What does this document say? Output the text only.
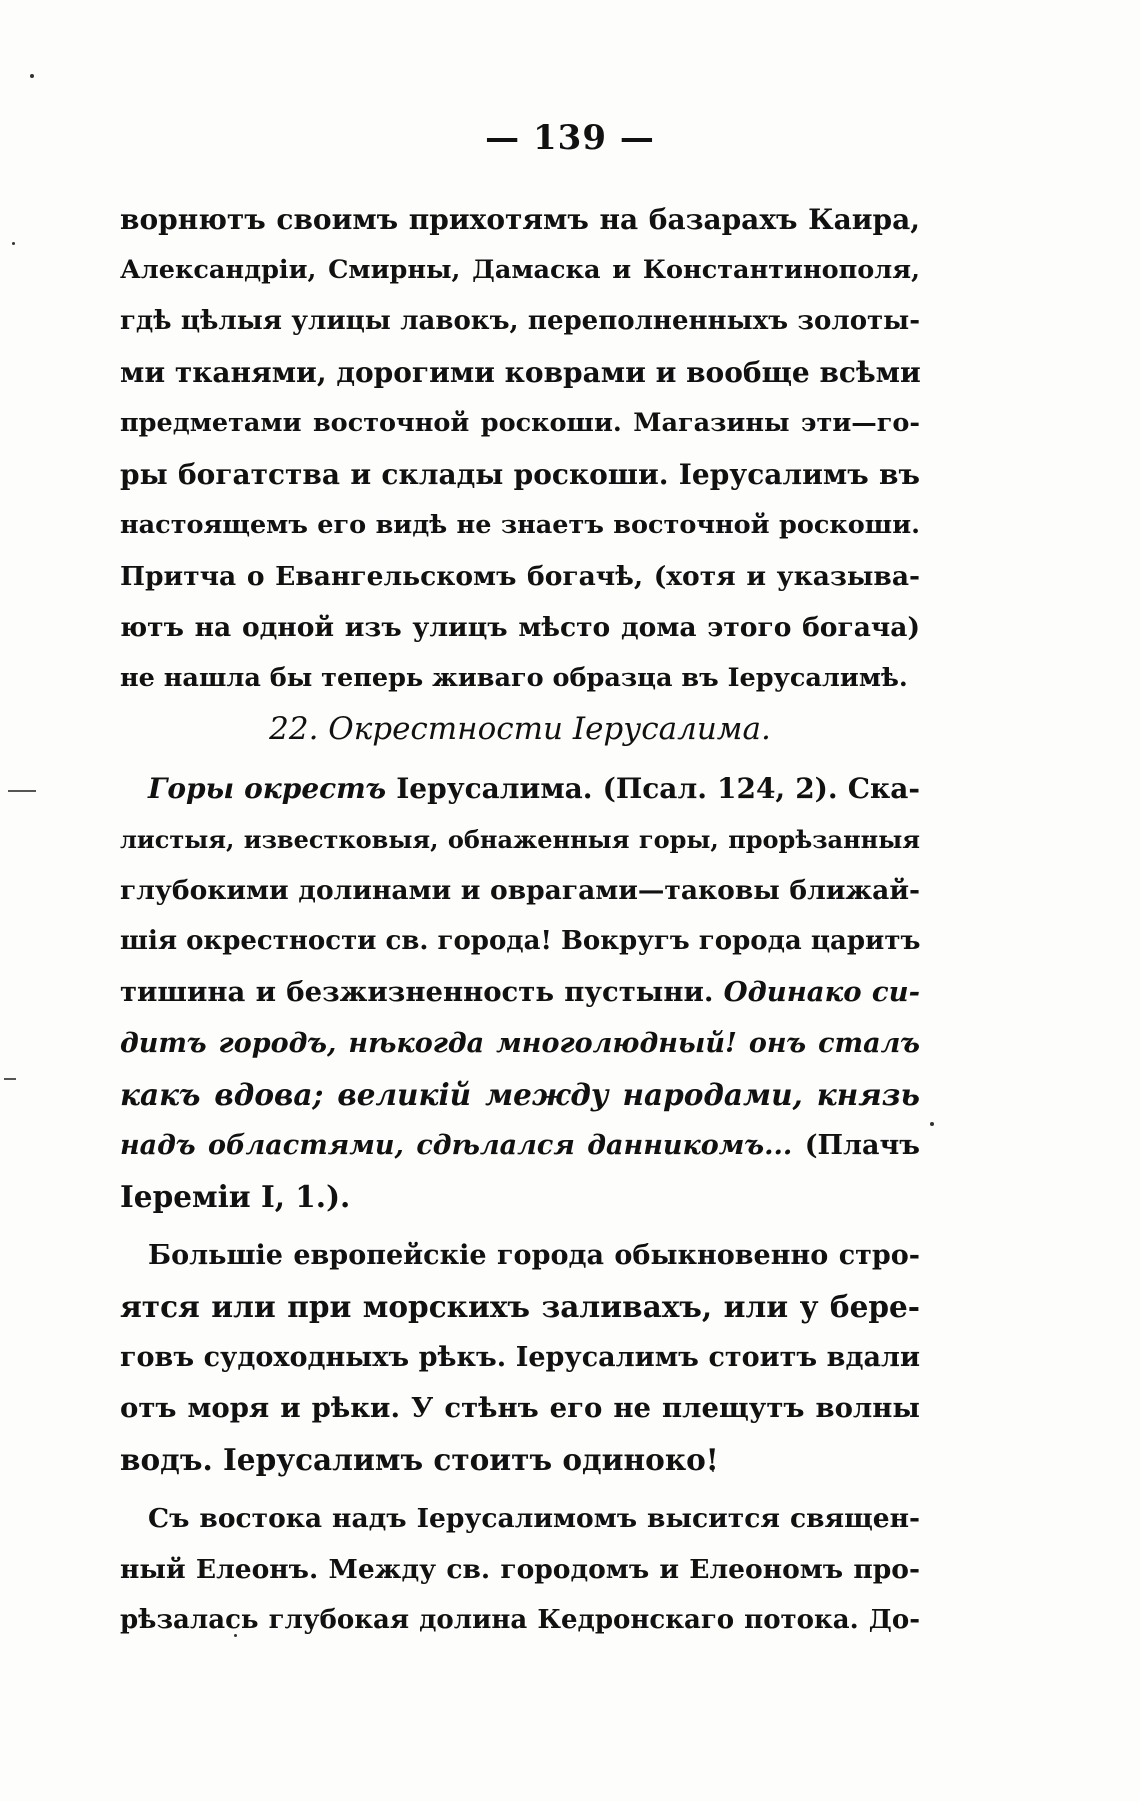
— 139 —
ворнютъ своимъ прихотямъ на базарахъ Каира,
Александріи, Смирны, Дамаска и Константинополя,
гдѣ цѣлыя улицы лавокъ, переполненныхъ золоты-
ми тканями, дорогими коврами и вообще всѣми
предметами восточной роскоши. Магазины эти—го-
ры богатства и склады роскоши. Іерусалимъ въ
настоящемъ его видѣ не знаетъ восточной роскоши.
Притча о Евангельскомъ богачѣ, (хотя и указыва-
ютъ на одной изъ улицъ мѣсто дома этого богача)
не нашла бы теперь живаго образца въ Іерусалимѣ.
22. Окрестности Іерусалима.
Горы окрестъ Іерусалима. (Псал. 124, 2). Ска-
листыя, известковыя, обнаженныя горы, прорѣзанныя
глубокими долинами и оврагами—таковы ближай-
шія окрестности св. города! Вокругъ города царитъ
тишина и безжизненность пустыни. Одинако си-
дитъ городъ, нѣкогда многолюдный! онъ сталъ
какъ вдова; великій между народами, князь
надъ областями, сдѣлался данникомъ... (Плачъ
Іереміи I, 1.).
Большіе европейскіе города обыкновенно стро-
ятся или при морскихъ заливахъ, или у бере-
говъ судоходныхъ рѣкъ. Іерусалимъ стоитъ вдали
отъ моря и рѣки. У стѣнъ его не плещутъ волны
водъ. Іерусалимъ стоитъ одиноко!
Съ востока надъ Іерусалимомъ высится священ-
ный Елеонъ. Между св. городомъ и Елеономъ про-
рѣзалась глубокая долина Кедронскаго потока. До-
